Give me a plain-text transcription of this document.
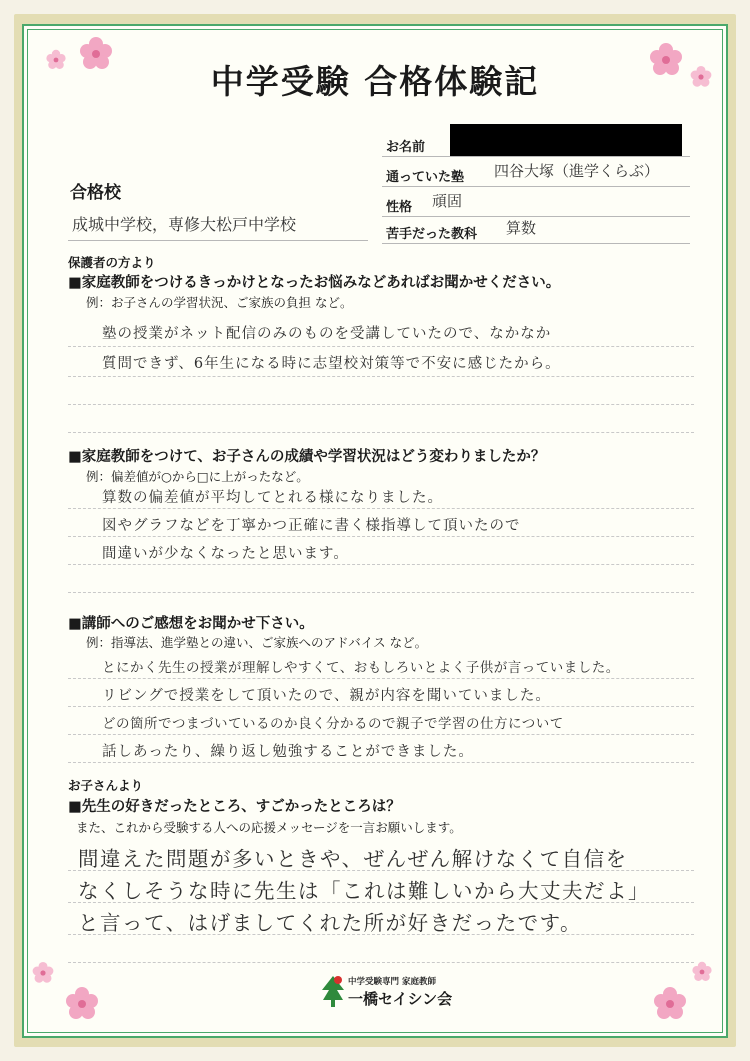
中学受験 合格体験記
お名前
通っていた塾 四谷大塚（進学くらぶ）
性格 頑固
苦手だった教科 算数
合格校
成城中学校，専修大松戸中学校
保護者の方より
■家庭教師をつけるきっかけとなったお悩みなどあればお聞かせください。
例：お子さんの学習状況、ご家族の負担 など。
塾の授業がネット配信のみのものを受講していたので、なかなか
質問できず、6年生になる時に志望校対策等で不安に感じたから。
■家庭教師をつけて、お子さんの成績や学習状況はどう変わりましたか？
例：偏差値が○から□に上がったなど。
算数の偏差値が平均してとれる様になりました。
図やグラフなどを丁寧かつ正確に書く様指導して頂いたので
間違いが少なくなったと思います。
■講師へのご感想をお聞かせ下さい。
例：指導法、進学塾との違い、ご家族へのアドバイス など。
とにかく先生の授業が理解しやすくて、おもしろいとよく子供が言っていました。
リビングで授業をして頂いたので、親が内容を聞いていました。
どの箇所でつまづいているのか良く分かるので親子で学習の仕方について
話しあったり、繰り返し勉強することができました。
お子さんより
■先生の好きだったところ、すごかったところは？
また、これから受験する人への応援メッセージを一言お願いします。
間違えた問題が多いときや、ぜんぜん解けなくて自信を
なくしそうな時に先生は「これは難しいから大丈夫だよ」
と言って、はげましてくれた所が好きだったです。
中学受験専門 家庭教師
一橋セイシン会
